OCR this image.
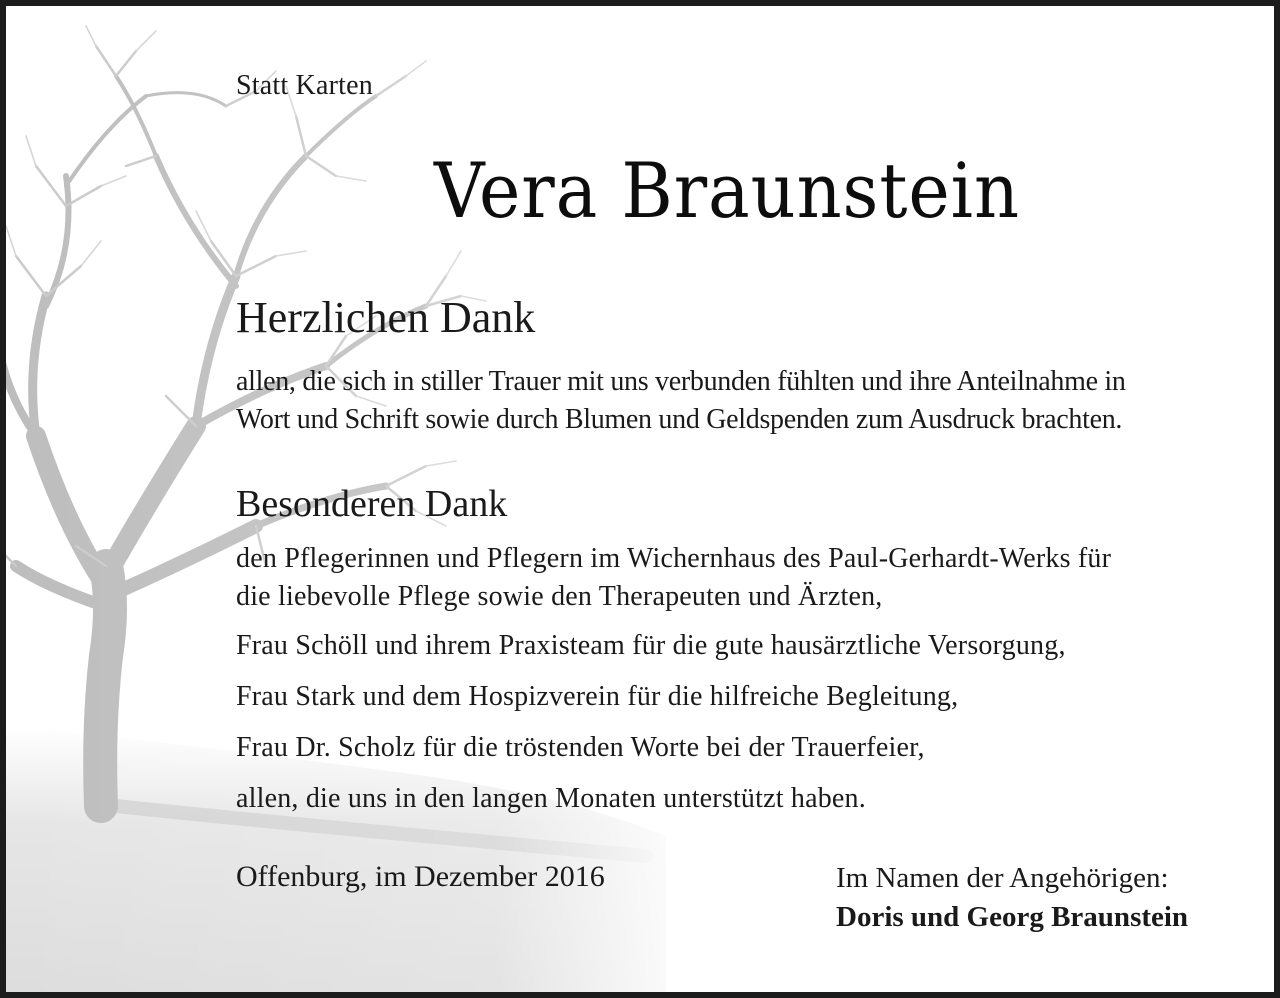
Statt Karten
Vera Braunstein
Herzlichen Dank
allen, die sich in stiller Trauer mit uns verbunden fühlten und ihre Anteilnahme in
Wort und Schrift sowie durch Blumen und Geldspenden zum Ausdruck brachten.
Besonderen Dank
den Pflegerinnen und Pflegern im Wichernhaus des Paul-Gerhardt-Werks für
die liebevolle Pflege sowie den Therapeuten und Ärzten,
Frau Schöll und ihrem Praxisteam für die gute hausärztliche Versorgung,
Frau Stark und dem Hospizverein für die hilfreiche Begleitung,
Frau Dr. Scholz für die tröstenden Worte bei der Trauerfeier,
allen, die uns in den langen Monaten unterstützt haben.
Offenburg, im Dezember 2016	Im Namen der Angehörigen:
Doris und Georg Braunstein
